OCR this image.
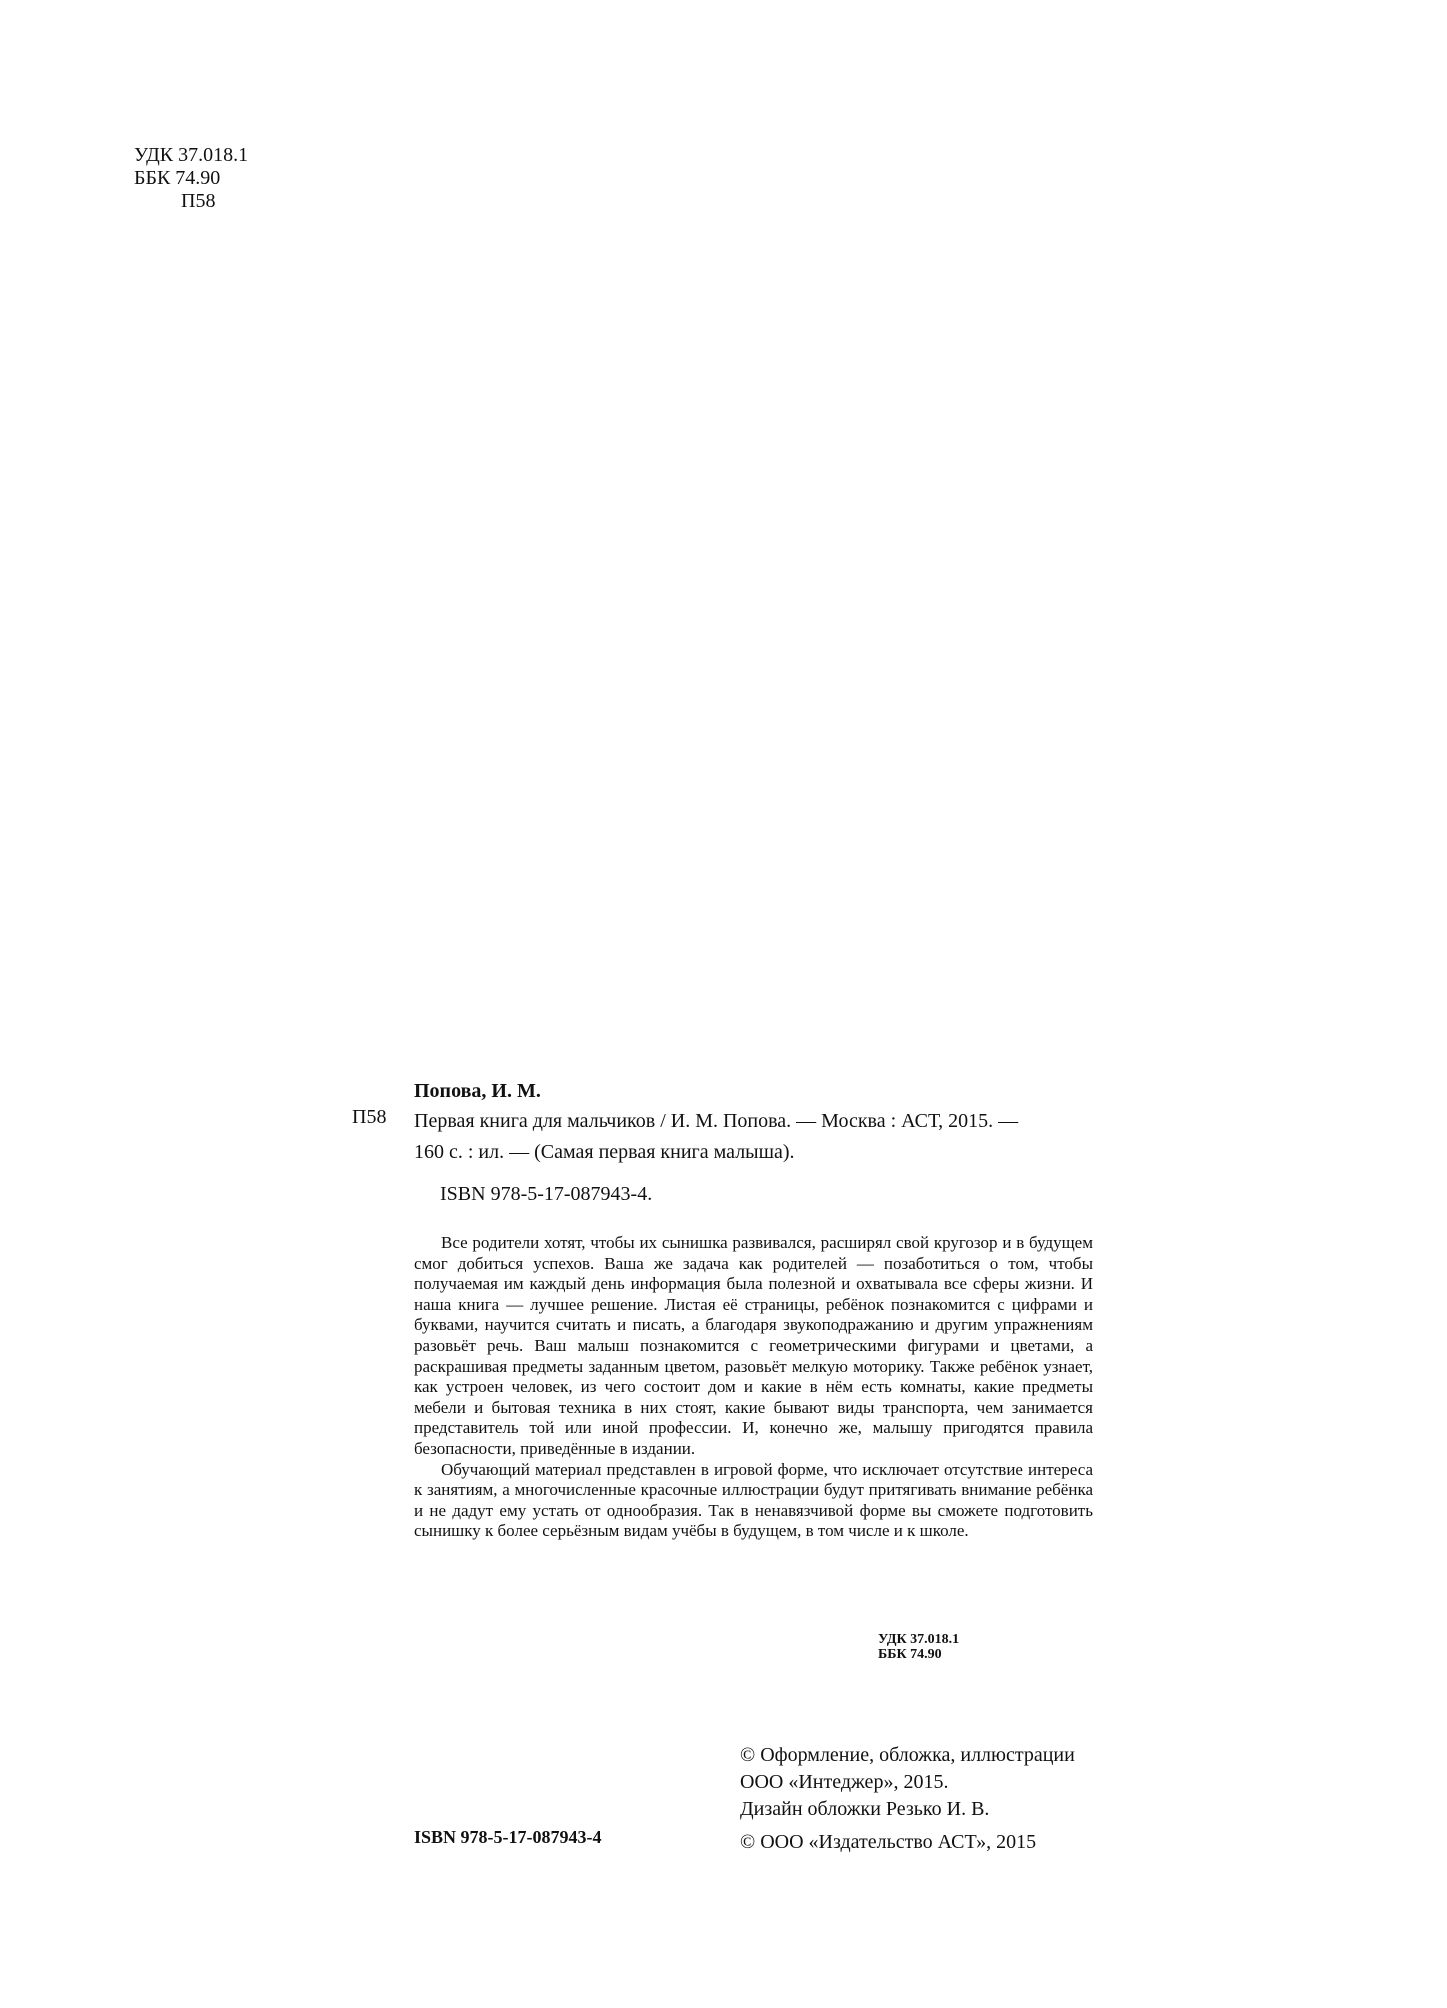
УДК 37.018.1
ББК 74.90
П58
Попова, И. М.
П58 Первая книга для мальчиков / И. М. Попова. — Москва : АСТ, 2015. —
160 с. : ил. — (Самая первая книга малыша).
ISBN 978-5-17-087943-4.

Все родители хотят, чтобы их сынишка развивался, расширял свой кругозор и в будущем смог добиться успехов. Ваша же задача как родителей — позаботиться о том, чтобы получаемая им каждый день информация была полезной и охватывала все сферы жизни. И наша книга — лучшее решение. Листая её страницы, ребёнок познакомится с цифрами и буквами, научится считать и писать, а благодаря звукоподражанию и другим упражнениям разовьёт речь. Ваш малыш познакомится с геометрическими фигурами и цветами, а раскрашивая предметы заданным цветом, разовьёт мелкую моторику. Также ребёнок узнает, как устроен человек, из чего состоит дом и какие в нём есть комнаты, какие предметы мебели и бытовая техника в них стоят, какие бывают виды транспорта, чем занимается представитель той или иной профессии. И, конечно же, малышу пригодятся правила безопасности, приведённые в издании.

Обучающий материал представлен в игровой форме, что исключает отсутствие интереса к занятиям, а многочисленные красочные иллюстрации будут притягивать внимание ребёнка и не дадут ему устать от однообразия. Так в ненавязчивой форме вы сможете подготовить сынишку к более серьёзным видам учёбы в будущем, в том числе и к школе.

УДК 37.018.1
ББК 74.90
© Оформление, обложка, иллюстрации
ООО «Интеджер», 2015.
Дизайн обложки Резько И. В.
© ООО «Издательство АСТ», 2015
ISBN 978-5-17-087943-4
